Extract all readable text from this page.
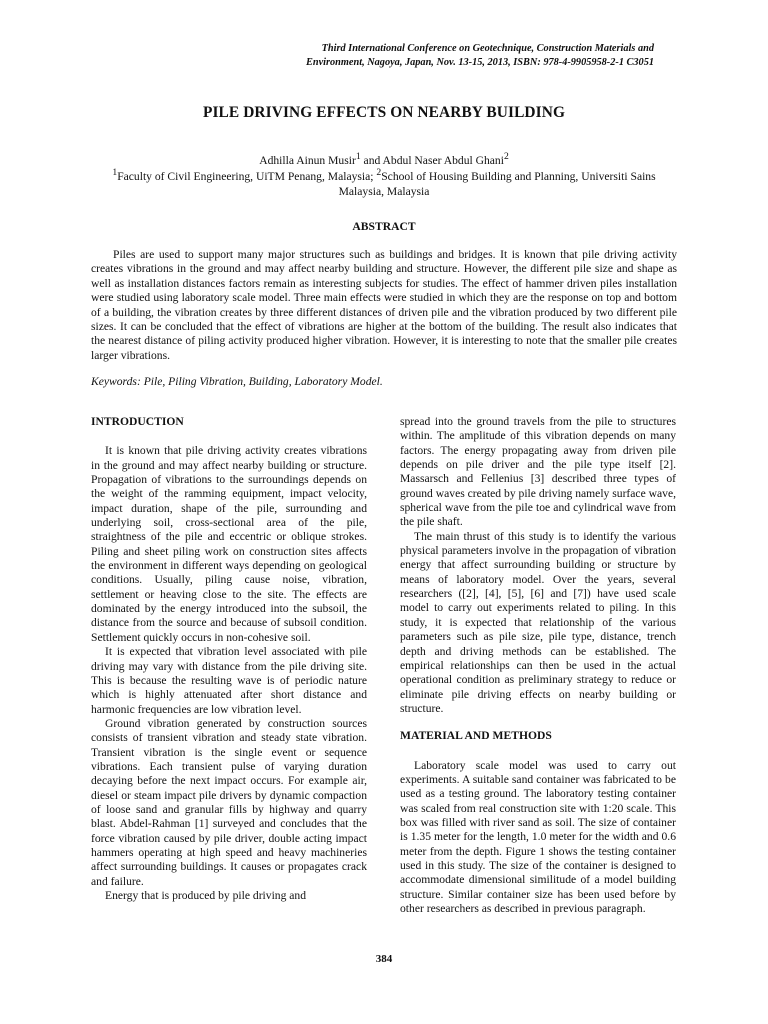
Third International Conference on Geotechnique, Construction Materials and
Environment, Nagoya, Japan, Nov. 13-15, 2013, ISBN: 978-4-9905958-2-1 C3051
PILE DRIVING EFFECTS ON NEARBY BUILDING
Adhilla Ainun Musir$^1$ and Abdul Naser Abdul Ghani$^2$
$^1$Faculty of Civil Engineering, UiTM Penang, Malaysia; $^2$School of Housing Building and Planning, Universiti Sains Malaysia, Malaysia
ABSTRACT

Piles are used to support many major structures such as buildings and bridges. It is known that pile driving activity creates vibrations in the ground and may affect nearby building and structure. However, the different pile size and shape as well as installation distances factors remain as interesting subjects for studies. The effect of hammer driven piles installation were studied using laboratory scale model. Three main effects were studied in which they are the response on top and bottom of a building, the vibration creates by three different distances of driven pile and the vibration produced by two different pile sizes. It can be concluded that the effect of vibrations are higher at the bottom of the building. The result also indicates that the nearest distance of piling activity produced higher vibration. However, it is interesting to note that the smaller pile creates larger vibrations.

Keywords: Pile, Piling Vibration, Building, Laboratory Model.

INTRODUCTION

It is known that pile driving activity creates vibrations in the ground and may affect nearby building or structure. Propagation of vibrations to the surroundings depends on the weight of the ramming equipment, impact velocity, impact duration, shape of the pile, surrounding and underlying soil, cross-sectional area of the pile, straightness of the pile and eccentric or oblique strokes. Piling and sheet piling work on construction sites affects the environment in different ways depending on geological conditions. Usually, piling cause noise, vibration, settlement or heaving close to the site. The effects are dominated by the energy introduced into the subsoil, the distance from the source and because of subsoil condition. Settlement quickly occurs in non-cohesive soil.

It is expected that vibration level associated with pile driving may vary with distance from the pile driving site. This is because the resulting wave is of periodic nature which is highly attenuated after short distance and harmonic frequencies are low vibration level.

Ground vibration generated by construction sources consists of transient vibration and steady state vibration. Transient vibration is the single event or sequence vibrations. Each transient pulse of varying duration decaying before the next impact occurs. For example air, diesel or steam impact pile drivers by dynamic compaction of loose sand and granular fills by highway and quarry blast. Abdel-Rahman [1] surveyed and concludes that the force vibration caused by pile driver, double acting impact hammers operating at high speed and heavy machineries affect surrounding buildings. It causes or propagates crack and failure.

Energy that is produced by pile driving and

spread into the ground travels from the pile to structures within. The amplitude of this vibration depends on many factors. The energy propagating away from driven pile depends on pile driver and the pile type itself [2]. Massarsch and Fellenius [3] described three types of ground waves created by pile driving namely surface wave, spherical wave from the pile toe and cylindrical wave from the pile shaft.

The main thrust of this study is to identify the various physical parameters involve in the propagation of vibration energy that affect surrounding building or structure by means of laboratory model. Over the years, several researchers ([2], [4], [5], [6] and [7]) have used scale model to carry out experiments related to piling. In this study, it is expected that relationship of the various parameters such as pile size, pile type, distance, trench depth and driving methods can be established. The empirical relationships can then be used in the actual operational condition as preliminary strategy to reduce or eliminate pile driving effects on nearby building or structure.

MATERIAL AND METHODS

Laboratory scale model was used to carry out experiments. A suitable sand container was fabricated to be used as a testing ground. The laboratory testing container was scaled from real construction site with 1:20 scale. This box was filled with river sand as soil. The size of container is 1.35 meter for the length, 1.0 meter for the width and 0.6 meter from the depth. Figure 1 shows the testing container used in this study. The size of the container is designed to accommodate dimensional similitude of a model building structure. Similar container size has been used before by other researchers as described in previous paragraph.

384
